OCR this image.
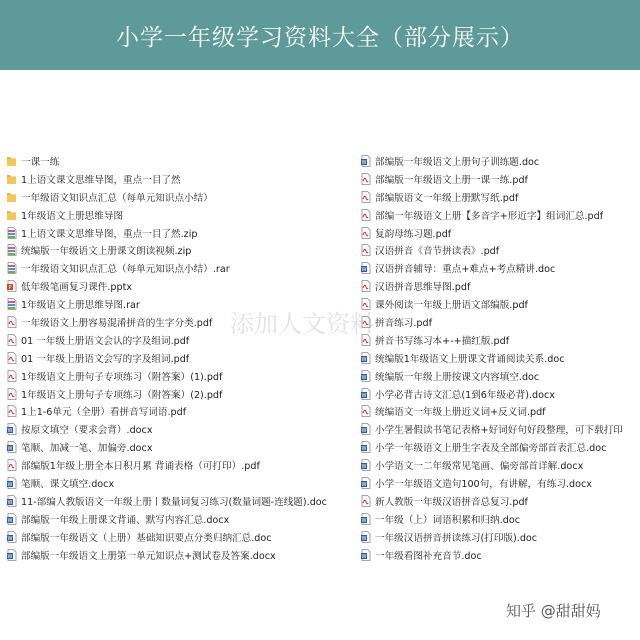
小学一年级学习资料大全（部分展示）
一课一练
1上语文课文思维导图，重点一目了然
一年级语文知识点汇总（每单元知识点小结）
1年级语文上册思维导图
1上语文课文思维导图，重点一目了然.zip
统编版一年级语文上册课文朗读视频.zip
一年级语文知识点汇总（每单元知识点小结）.rar
P 低年级笔画复习课件.pptx
1年级语文上册思维导图.rar
一年级语文上册容易混淆拼音的生字分类.pdf
01 一年级上册语文会认的字及组词.pdf
01 一年级上册语文会写的字及组词.pdf
1年级语文上册句子专项练习（附答案）(1).pdf
1年级语文上册句子专项练习（附答案）(2).pdf
1上1-6单元（全册）看拼音写词语.pdf
W 按原文填空（要求会背）.docx
W 笔顺、加减一笔、加偏旁.docx
部编版1年级上册全本日积月累 背诵表格（可打印）.pdf
W 笔顺、课文填空.docx
W 11-部编人教版语文一年级上册丨数量词复习练习(数量词题-连线题).doc
W 部编版一年级上册课文背诵、默写内容汇总.docx
W 部编版一年级语文（上册）基础知识要点分类归纳汇总.doc
W 部编版一年级语文上册第一单元知识点+测试卷及答案.docx
W 部编版一年级语文上册句子训练题.doc
部编版一年级语文上册一课一练.pdf
部编版语文一年级上册默写纸.pdf
部编一年级语文上册【多音字+形近字】组词汇总.pdf
复韵母练习题.pdf
汉语拼音《音节拼读表》.pdf
W 汉语拼音辅导：重点+难点+考点精讲.doc
汉语拼音思维导图.pdf
课外阅读一年级上册语文部编版.pdf
拼音练习.pdf
拼音书写练习本+-+描红版.pdf
W 统编版1年级语文上册课文背诵阅读关系.doc
W 统编版一年级上册按课文内容填空.doc
W 小学必背古诗文汇总(1到6年级必背).docx
统编语文一年级上册近义词+反义词.pdf
W 小学生暑假读书笔记表格+好词好句好段整理，可下载打印
W 小学一年级语文上册生字表及全部偏旁部首表汇总.doc
W 小学语文一二年级常见笔画、偏旁部首详解.docx
W 小学一年级语文造句100句，有讲解，有练习.docx
新人教版一年级汉语拼音总复习.pdf
W 一年级（上）词语积累和归纳.doc
W 一年级汉语拼音拼读练习(打印版).doc
W 一年级看图补充音节.doc
添加人文资料
知乎 @甜甜妈
